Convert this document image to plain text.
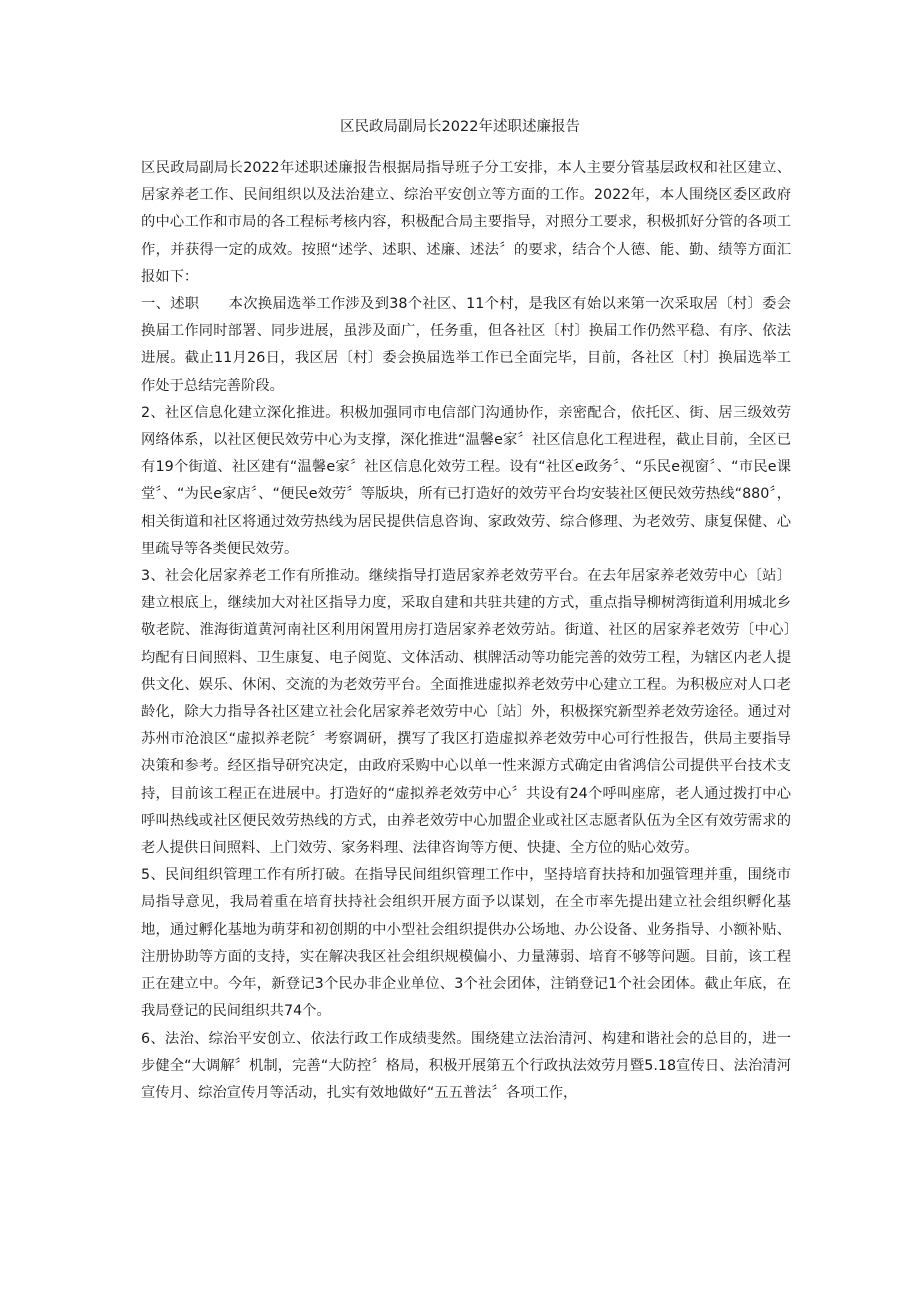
区民政局副局长2022年述职述廉报告

区民政局副局长2022年述职述廉报告根据局指导班子分工安排，本人主要分管基层政权和社区建立、居家养老工作、民间组织以及法治建立、综治平安创立等方面的工作。2022年，本人围绕区委区政府的中心工作和市局的各工程标考核内容，积极配合局主要指导，对照分工要求，积极抓好分管的各项工作，并获得一定的成效。按照“述学、述职、述廉、述法〞的要求，结合个人德、能、勤、绩等方面汇报如下：

一、述职　　本次换届选举工作涉及到38个社区、11个村，是我区有始以来第一次采取居〔村〕委会换届工作同时部署、同步进展，虽涉及面广，任务重，但各社区〔村〕换届工作仍然平稳、有序、依法进展。截止11月26日，我区居〔村〕委会换届选举工作已全面完毕，目前，各社区〔村〕换届选举工作处于总结完善阶段。

2、社区信息化建立深化推进。积极加强同市电信部门沟通协作，亲密配合，依托区、街、居三级效劳网络体系，以社区便民效劳中心为支撑，深化推进“温馨e家〞社区信息化工程进程，截止目前，全区已有19个街道、社区建有“温馨e家〞社区信息化效劳工程。设有“社区e政务〞、“乐民e视窗〞、“市民e课堂〞、“为民e家店〞、“便民e效劳〞等版块，所有已打造好的效劳平台均安装社区便民效劳热线“880〞，相关街道和社区将通过效劳热线为居民提供信息咨询、家政效劳、综合修理、为老效劳、康复保健、心里疏导等各类便民效劳。

3、社会化居家养老工作有所推动。继续指导打造居家养老效劳平台。在去年居家养老效劳中心〔站〕建立根底上，继续加大对社区指导力度，采取自建和共驻共建的方式，重点指导柳树湾街道利用城北乡敬老院、淮海街道黄河南社区利用闲置用房打造居家养老效劳站。街道、社区的居家养老效劳〔中心〕　均配有日间照料、卫生康复、电子阅览、文体活动、棋牌活动等功能完善的效劳工程，为辖区内老人提供文化、娱乐、休闲、交流的为老效劳平台。全面推进虚拟养老效劳中心建立工程。为积极应对人口老龄化，除大力指导各社区建立社会化居家养老效劳中心〔站〕外，积极探究新型养老效劳途径。通过对苏州市沧浪区“虚拟养老院〞考察调研，撰写了我区打造虚拟养老效劳中心可行性报告，供局主要指导决策和参考。经区指导研究决定，由政府采购中心以单一性来源方式确定由省鸿信公司提供平台技术支持，目前该工程正在进展中。打造好的“虚拟养老效劳中心〞共设有24个呼叫座席，老人通过拨打中心呼叫热线或社区便民效劳热线的方式，由养老效劳中心加盟企业或社区志愿者队伍为全区有效劳需求的老人提供日间照料、上门效劳、家务料理、法律咨询等方便、快捷、全方位的贴心效劳。

5、民间组织管理工作有所打破。在指导民间组织管理工作中，坚持培育扶持和加强管理并重，围绕市局指导意见，我局着重在培育扶持社会组织开展方面予以谋划，在全市率先提出建立社会组织孵化基地，通过孵化基地为萌芽和初创期的中小型社会组织提供办公场地、办公设备、业务指导、小额补贴、注册协助等方面的支持，实在解决我区社会组织规模偏小、力量薄弱、培育不够等问题。目前，该工程正在建立中。今年，新登记3个民办非企业单位、3个社会团体，注销登记1个社会团体。截止年底，在我局登记的民间组织共74个。

6、法治、综治平安创立、依法行政工作成绩斐然。围绕建立法治清河、构建和谐社会的总目的，进一步健全“大调解〞机制，完善“大防控〞格局，积极开展第五个行政执法效劳月暨5.18宣传日、法治清河宣传月、综治宣传月等活动，扎实有效地做好“五五普法〞各项工作，
